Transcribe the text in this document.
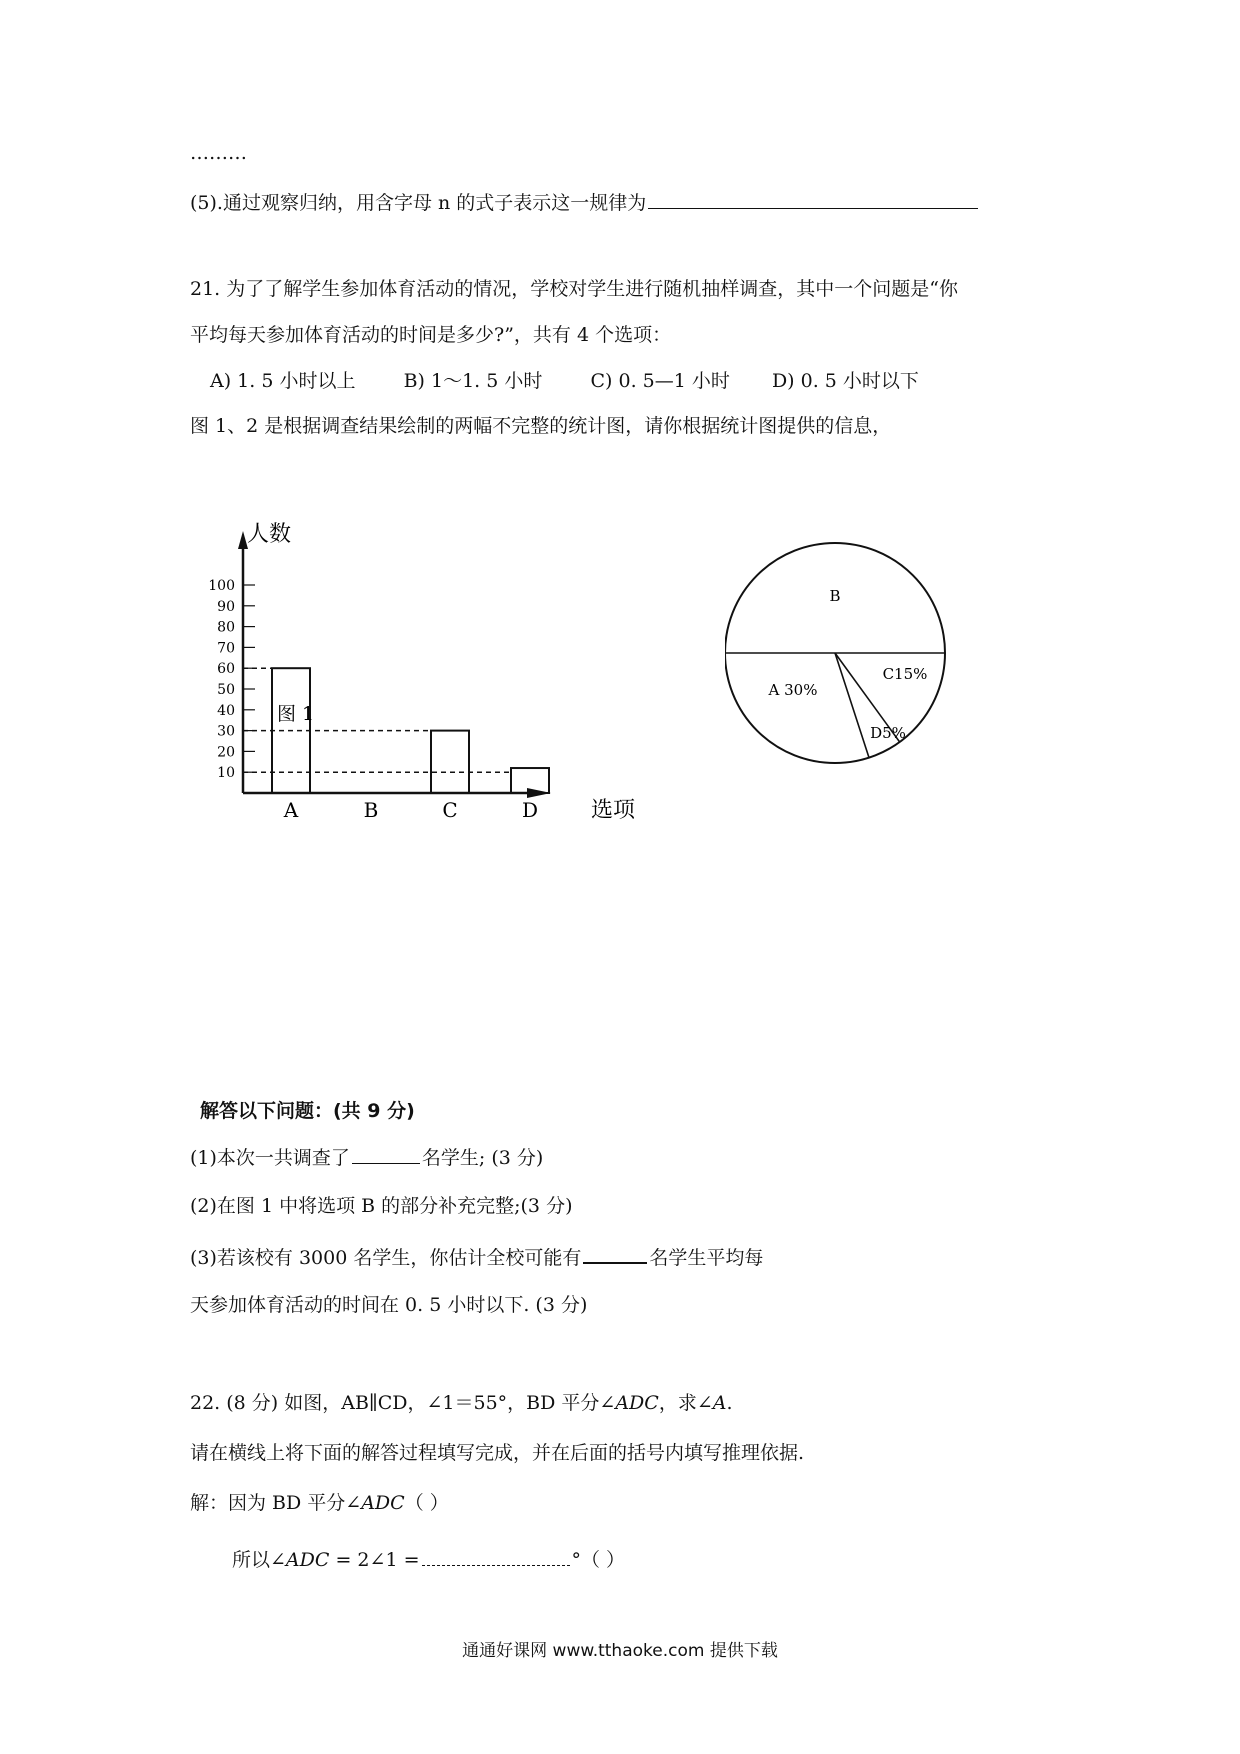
………
(5).通过观察归纳，用含字母 n 的式子表示这一规律为
21. 为了了解学生参加体育活动的情况，学校对学生进行随机抽样调查，其中一个问题是“你
平均每天参加体育活动的时间是多少?”，共有 4 个选项：
A) 1. 5 小时以上	B) 1～1. 5 小时	C) 0. 5—1 小时 D) 0. 5 小时以下
图 1、2 是根据调查结果绘制的两幅不完整的统计图，请你根据统计图提供的信息，
人数
选项
10
20
30
40
50
60
70
80
90
100
A	B	C	D
图 1
B
A 30%
C15%
D5%
解答以下问题：(共 9 分)
(1)本次一共调查了	名学生; (3 分)
(2)在图 1 中将选项 B 的部分补充完整;(3 分)
(3)若该校有 3000 名学生，你估计全校可能有	名学生平均每
天参加体育活动的时间在 0. 5 小时以下. (3 分)
22. (8 分) 如图，AB∥CD，∠1＝55°，BD 平分∠ADC，求∠A.
请在横线上将下面的解答过程填写完成，并在后面的括号内填写推理依据.
解：因为 BD 平分∠ADC（ ）
所以∠ADC = 2∠1 =	°（ ）
通通好课网 www.tthaoke.com 提供下载
